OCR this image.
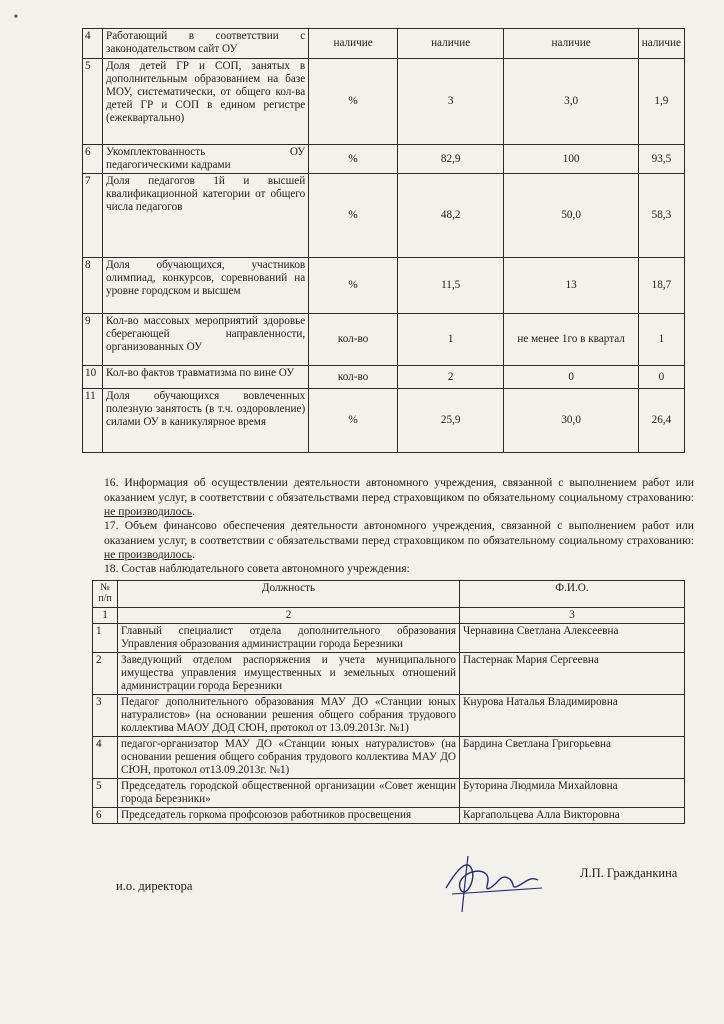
■
4	Работающий в соответствии с законодательством сайт ОУ	наличие	наличие	наличие	наличие
5	Доля детей ГР и СОП, занятых в дополнительным образованием на базе МОУ, систематически, от общего кол-ва детей ГР и СОП в едином регистре (ежеквартально)	%	3	3,0	1,9
6	Укомплектованность ОУ педагогическими кадрами	%	82,9	100	93,5
7	Доля педагогов 1й и высшей квалификационной категории от общего числа педагогов	%	48,2	50,0	58,3
8	Доля обучающихся, участников олимпиад, конкурсов, соревнований на уровне городском и высшем	%	11,5	13	18,7
9	Кол-во массовых мероприятий здоровье сберегающей направленности, организованных ОУ	кол-во	1	не менее 1го в квартал	1
10	Кол-во фактов травматизма по вине ОУ	кол-во	2	0	0
11	Доля обучающихся вовлеченных полезную занятость (в т.ч. оздоровление) силами ОУ в каникулярное время	%	25,9	30,0	26,4
16. Информация об осуществлении деятельности автономного учреждения, связанной с выполнением работ или оказанием услуг, в соответствии с обязательствами перед страховщиком по обязательному социальному страхованию: не производилось.
17. Объем финансово обеспечения деятельности автономного учреждения, связанной с выполнением работ или оказанием услуг, в соответствии с обязательствами перед страховщиком по обязательному социальному страхованию: не производилось.
18. Состав наблюдательного совета автономного учреждения:
№ п/п	Должность	Ф.И.О.
1	2	3
1	Главный специалист отдела дополнительного образования Управления образования администрации города Березники	Чернавина Светлана Алексеевна
2	Заведующий отделом распоряжения и учета муниципального имущества управления имущественных и земельных отношений администрации города Березники	Пастернак Мария Сергеевна
3	Педагог дополнительного образования МАУ ДО «Станции юных натуралистов» (на основании решения общего собрания трудового коллектива МАОУ ДОД СЮН, протокол от 13.09.2013г. №1)	Кнурова Наталья Владимировна
4	педагог-организатор МАУ ДО «Станции юных натуралистов» (на основании решения общего собрания трудового коллектива МАУ ДО СЮН, протокол от13.09.2013г. №1)	Бардина Светлана Григорьевна
5	Председатель городской общественной организации «Совет женщин города Березники»	Буторина Людмила Михайловна
6	Председатель горкома профсоюзов работников просвещения	Каргапольцева Алла Викторовна
и.о. директора
Л.П. Гражданкина
